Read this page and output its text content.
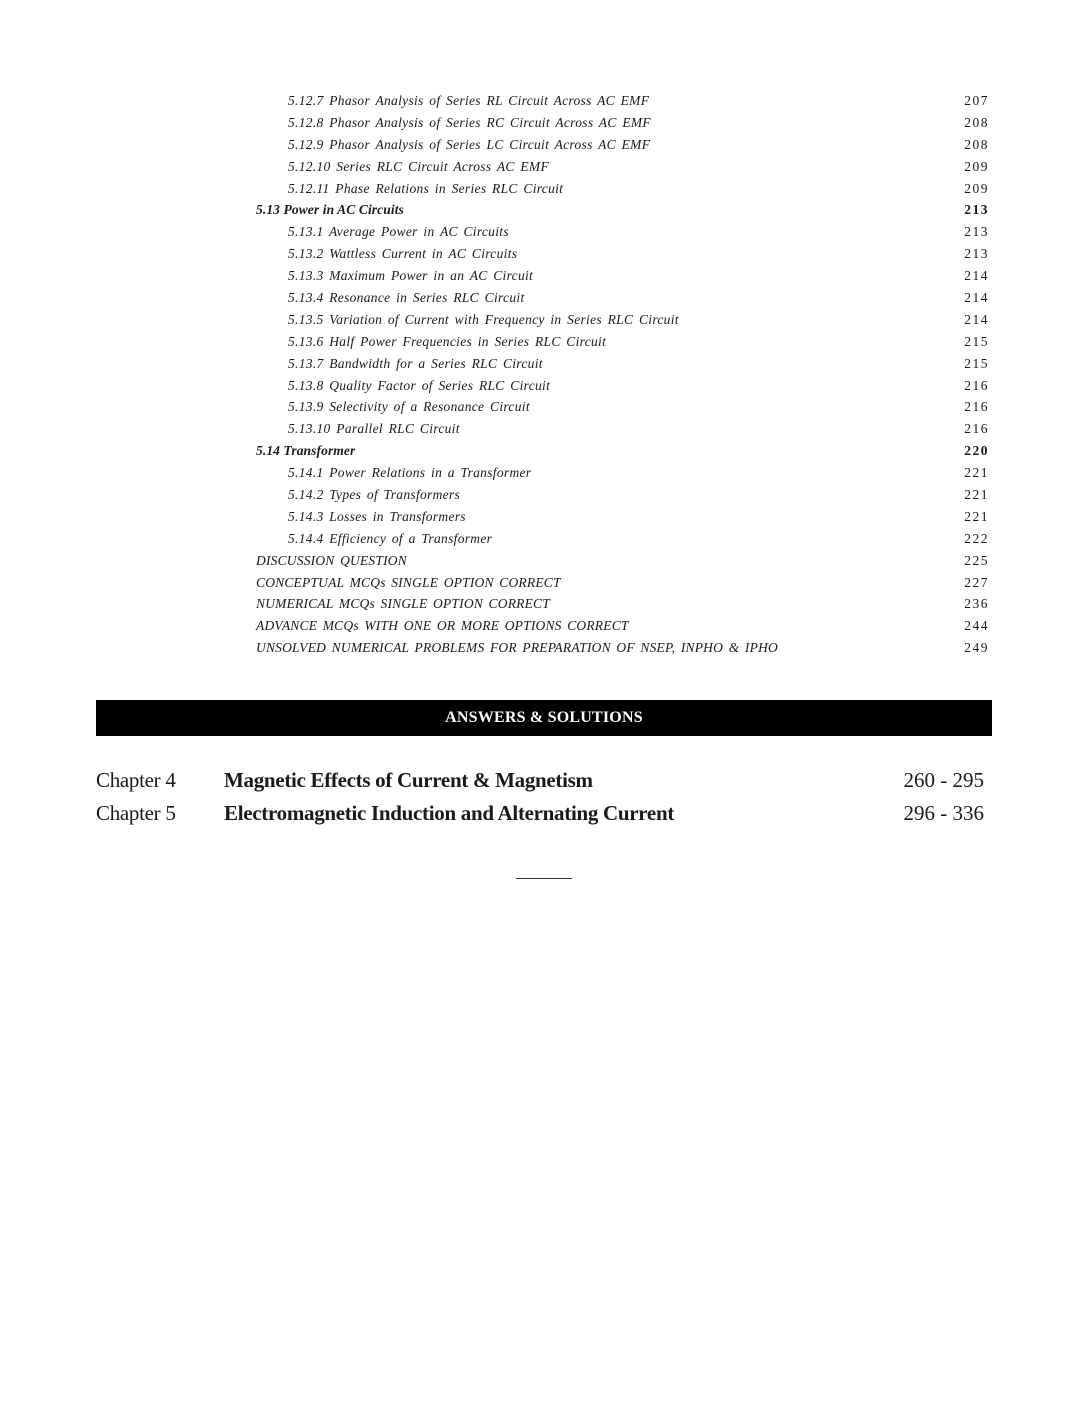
5.12.7 Phasor Analysis of Series RL Circuit Across AC EMF	207
5.12.8 Phasor Analysis of Series RC Circuit Across AC EMF	208
5.12.9 Phasor Analysis of Series LC Circuit Across AC EMF	208
5.12.10 Series RLC Circuit Across AC EMF	209
5.12.11 Phase Relations in Series RLC Circuit	209
5.13 Power in AC Circuits	213
5.13.1 Average Power in AC Circuits	213
5.13.2 Wattless Current in AC Circuits	213
5.13.3 Maximum Power in an AC Circuit	214
5.13.4 Resonance in Series RLC Circuit	214
5.13.5 Variation of Current with Frequency in Series RLC Circuit	214
5.13.6 Half Power Frequencies in Series RLC Circuit	215
5.13.7 Bandwidth for a Series RLC Circuit	215
5.13.8 Quality Factor of Series RLC Circuit	216
5.13.9 Selectivity of a Resonance Circuit	216
5.13.10 Parallel RLC Circuit	216
5.14 Transformer	220
5.14.1 Power Relations in a Transformer	221
5.14.2 Types of Transformers	221
5.14.3 Losses in Transformers	221
5.14.4 Efficiency of a Transformer	222
DISCUSSION QUESTION	225
CONCEPTUAL MCQs SINGLE OPTION CORRECT	227
NUMERICAL MCQs SINGLE OPTION CORRECT	236
ADVANCE MCQs WITH ONE OR MORE OPTIONS CORRECT	244
UNSOLVED NUMERICAL PROBLEMS FOR PREPARATION OF NSEP, INPHO & IPHO	249
ANSWERS & SOLUTIONS
Chapter 4	Magnetic Effects of Current & Magnetism	260 - 295
Chapter 5	Electromagnetic Induction and Alternating Current	296 - 336
